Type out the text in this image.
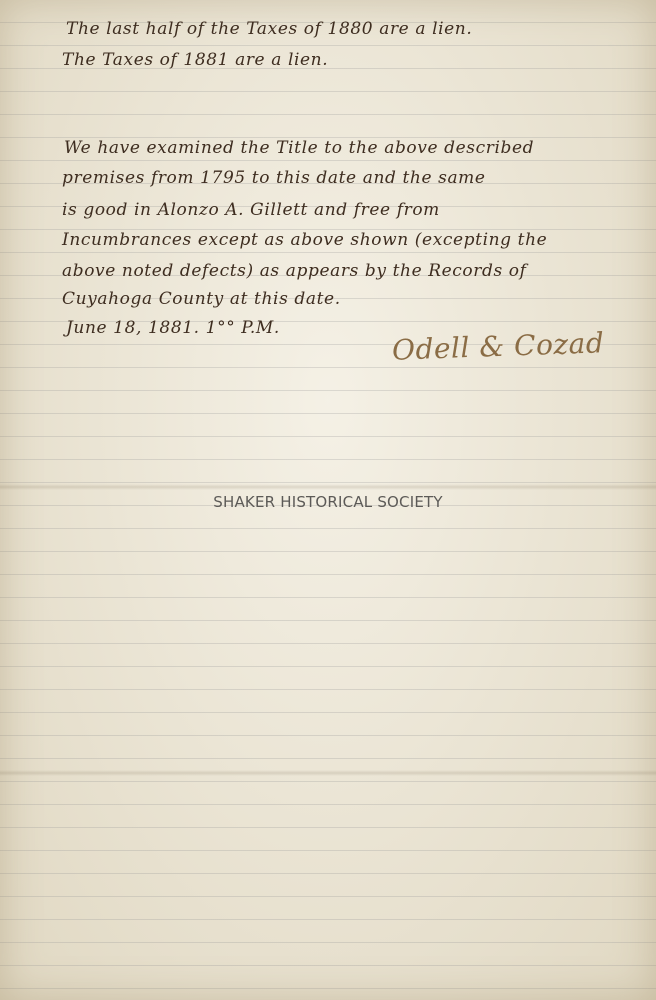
The last half of the Taxes of 1880 are a lien.
The Taxes of 1881 are a lien.
We have examined the Title to the above described
premises from 1795 to this date and the same
is good in Alonzo A. Gillett and free from
Incumbrances except as above shown (excepting the
above noted defects) as appears by the Records of
Cuyahoga County at this date.
June 18, 1881. 1°° P.M.	Odell & Cozad
SHAKER HISTORICAL SOCIETY
